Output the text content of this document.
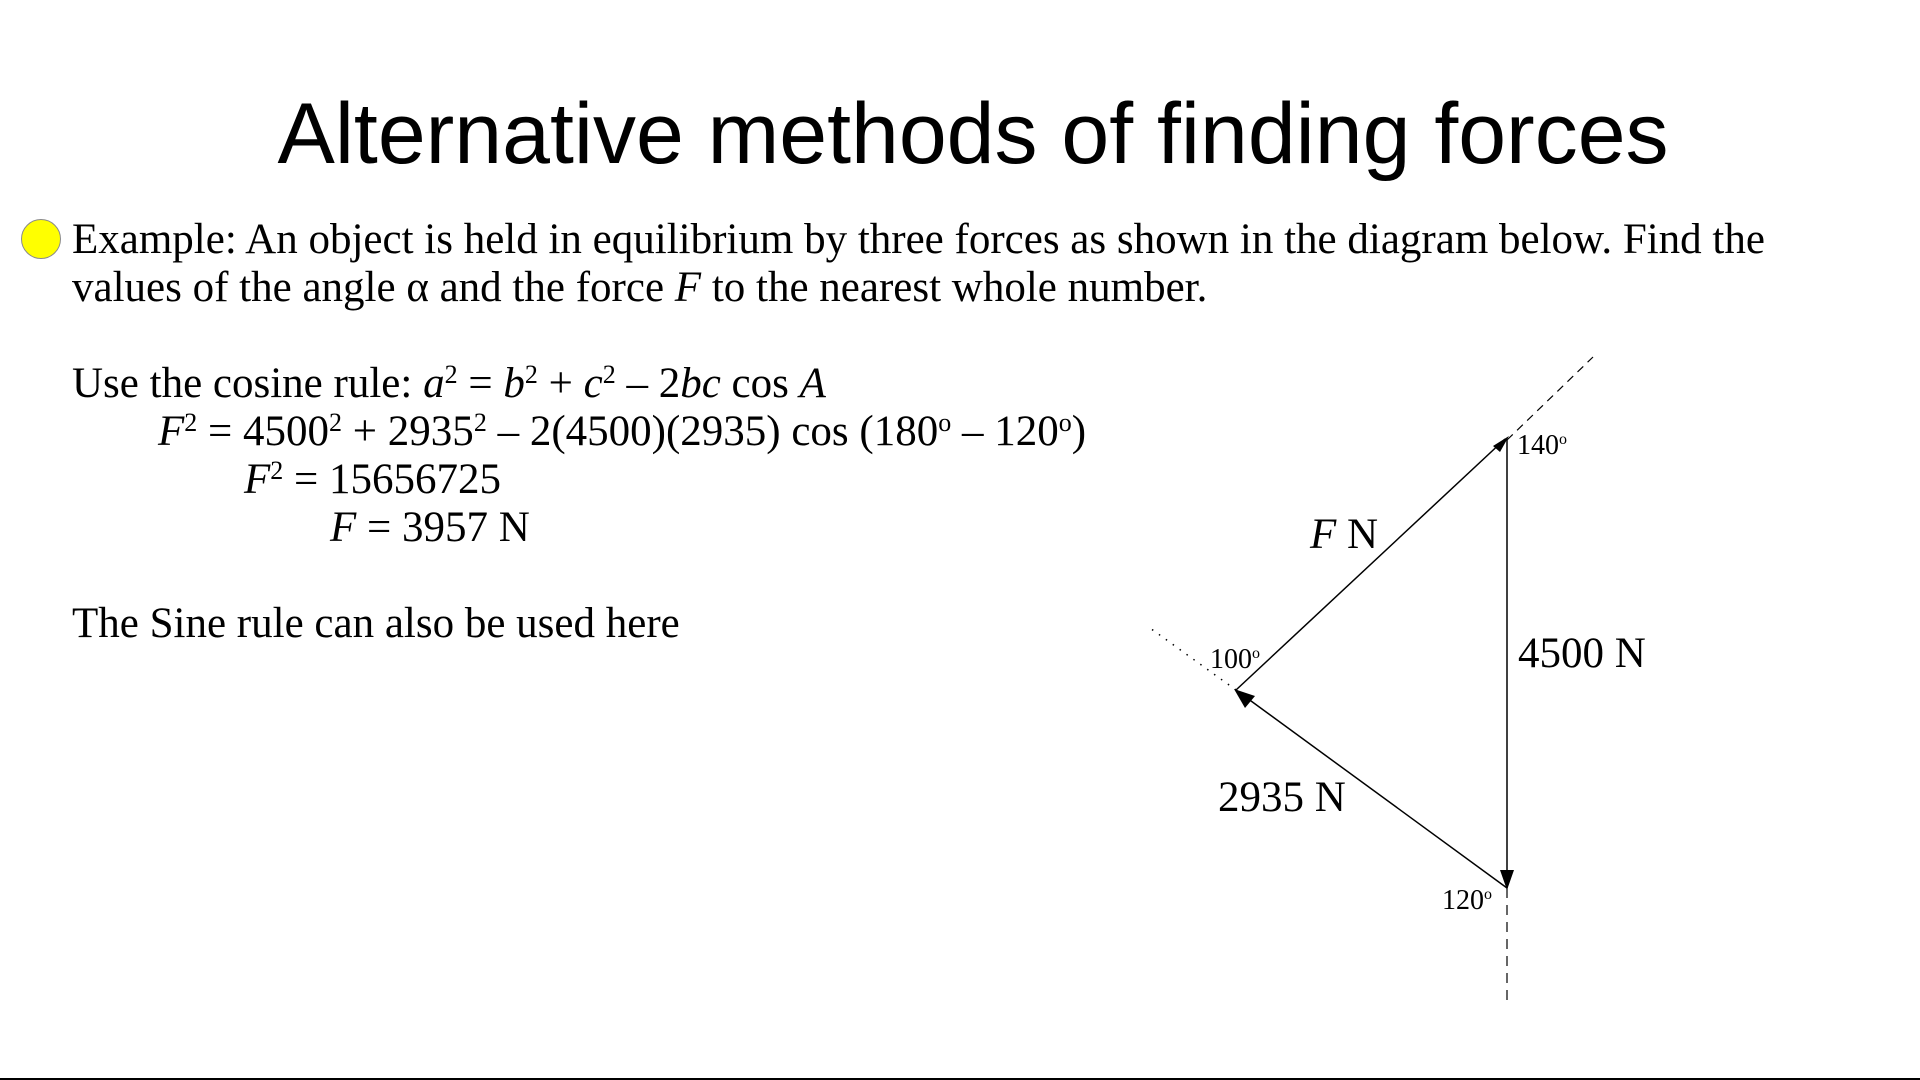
Alternative methods of finding forces
Example: An object is held in equilibrium by three forces as shown in the diagram below. Find the
values of the angle α and the force F to the nearest whole number.
Use the cosine rule: $a^2 = b^2 + c^2 - 2bc$ cos A
$F^2 = 4500^2 + 2935^2 - 2(4500)(2935)$ cos (180$^o$ – 120$^o$)
$F^2 = 15656725$
F = 3957 N
The Sine rule can also be used here
F N
4500 N
2935 N
140$^o$
100$^o$
120$^o$
